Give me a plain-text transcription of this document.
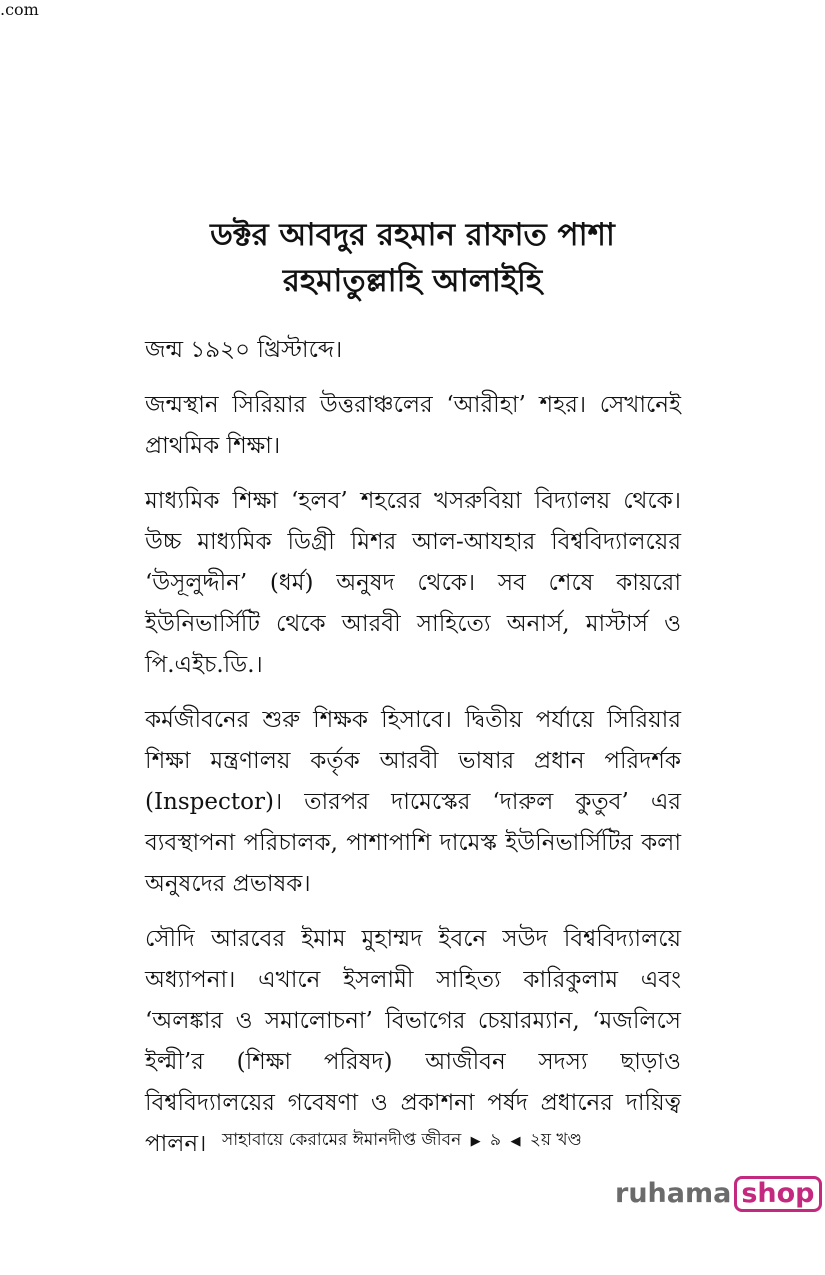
ডক্টর আবদুর রহমান রাফাত পাশা
রহমাতুল্লাহি আলাইহি

জন্ম ১৯২০ খ্রিস্টাব্দে।

জন্মস্থান সিরিয়ার উত্তরাঞ্চলের ‘আরীহা’ শহর। সেখানেই প্রাথমিক শিক্ষা।

মাধ্যমিক শিক্ষা ‘হলব’ শহরের খসরুবিয়া বিদ্যালয় থেকে। উচ্চ মাধ্যমিক ডিগ্রী মিশর আল-আযহার বিশ্ববিদ্যালয়ের ‘উসূলুদ্দীন’ (ধর্ম) অনুষদ থেকে। সব শেষে কায়রো ইউনিভার্সিটি থেকে আরবী সাহিত্যে অনার্স, মাস্টার্স ও পি.এইচ.ডি.।

কর্মজীবনের শুরু শিক্ষক হিসাবে। দ্বিতীয় পর্যায়ে সিরিয়ার শিক্ষা মন্ত্রণালয় কর্তৃক আরবী ভাষার প্রধান পরিদর্শক (Inspector)। তারপর দামেস্কের ‘দারুল কুতুব’ এর ব্যবস্থাপনা পরিচালক, পাশাপাশি দামেস্ক ইউনিভার্সিটির কলা অনুষদের প্রভাষক।

সৌদি আরবের ইমাম মুহাম্মদ ইবনে সউদ বিশ্ববিদ্যালয়ে অধ্যাপনা। এখানে ইসলামী সাহিত্য কারিকুলাম এবং ‘অলঙ্কার ও সমালোচনা’ বিভাগের চেয়ারম্যান, ‘মজলিসে ইল্মী’র (শিক্ষা পরিষদ) আজীবন সদস্য ছাড়াও বিশ্ববিদ্যালয়ের গবেষণা ও প্রকাশনা পর্ষদ প্রধানের দায়িত্ব পালন। সাহাবায়ে কেরামের ঈমানদীপ্ত জীবন ▶ ৯ ◀ ২য় খণ্ড
ruhama shop
.com
